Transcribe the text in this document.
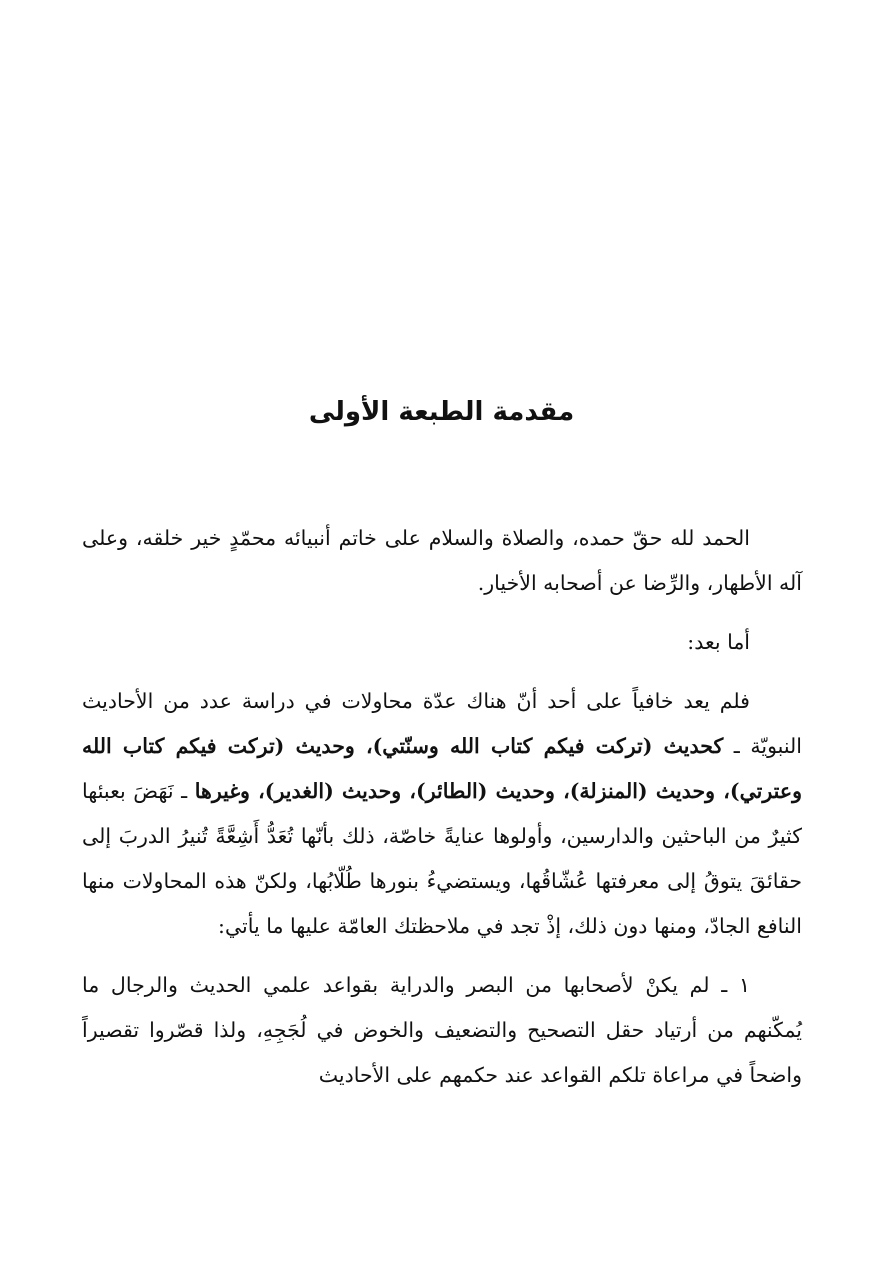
مقدمة الطبعة الأولى

الحمد لله حقّ حمده، والصلاة والسلام على خاتم أنبيائه محمّدٍ خير خلقه، وعلى آله الأطهار، والرِّضا عن أصحابه الأخيار.

أما بعد:

فلم يعد خافياً على أحد أنّ هناك عدّة محاولات في دراسة عدد من الأحاديث النبويّة ـ كحديث (تركت فيكم كتاب الله وسنّتي)، وحديث (تركت فيكم كتاب الله وعترتي)، وحديث (المنزلة)، وحديث (الطائر)، وحديث (الغدير)، وغيرها ـ نَهَضَ بعبئها كثيرٌ من الباحثين والدارسين، وأولوها عنايةً خاصّة، ذلك بأنّها تُعَدُّ أَشِعَّةً تُنيرُ الدربَ إلى حقائقَ يتوقُ إلى معرفتها عُشّاقُها، ويستضيءُ بنورها طُلّابُها، ولكنّ هذه المحاولات منها النافع الجادّ، ومنها دون ذلك، إذْ تجد في ملاحظتك العامّة عليها ما يأتي:

١ ـ لم يكنْ لأصحابها من البصر والدراية بقواعد علمي الحديث والرجال ما يُمكّنهم من أرتياد حقل التصحيح والتضعيف والخوض في لُجَجِهِ، ولذا قصّروا تقصيراً واضحاً في مراعاة تلكم القواعد عند حكمهم على الأحاديث
